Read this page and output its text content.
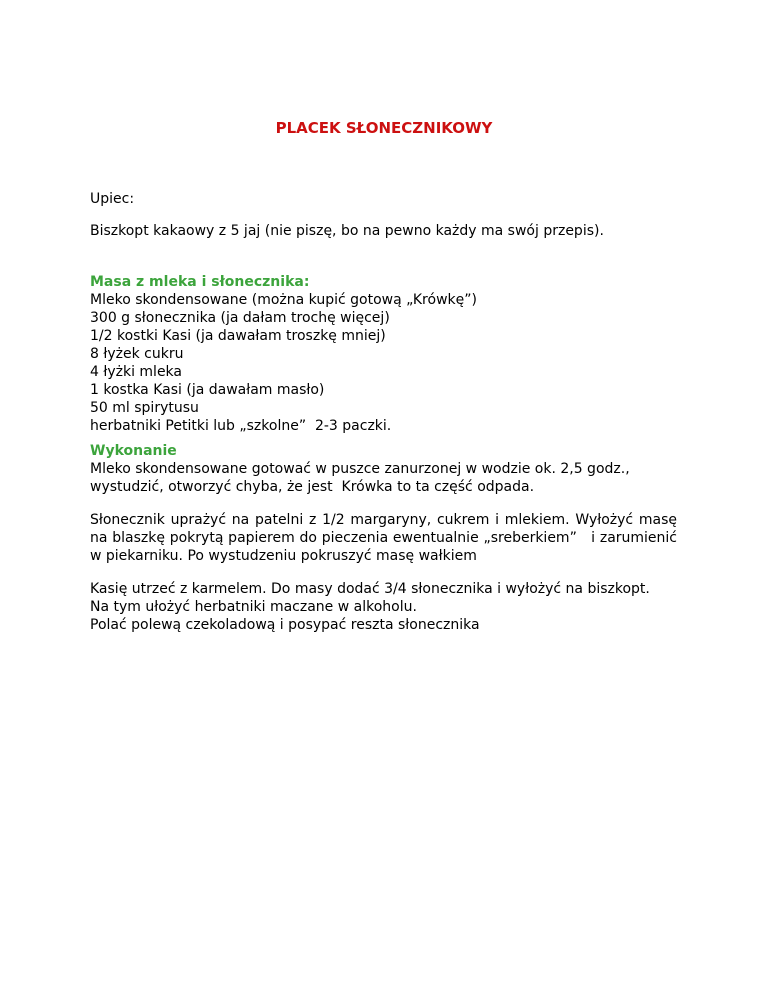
PLACEK SŁONECZNIKOWY

Upiec:

Biszkopt kakaowy z 5 jaj (nie piszę, bo na pewno każdy ma swój przepis).

Masa z mleka i słonecznika:

Mleko skondensowane (można kupić gotową „Krówkę”)

300 g słonecznika (ja dałam trochę więcej)

1/2 kostki Kasi (ja dawałam troszkę mniej)

8 łyżek cukru

4 łyżki mleka

1 kostka Kasi (ja dawałam masło)

50 ml spirytusu

herbatniki Petitki lub „szkolne”  2-3 paczki.

Wykonanie

Mleko skondensowane gotować w puszce zanurzonej w wodzie ok. 2,5 godz.,

wystudzić, otworzyć chyba, że jest  Krówka to ta część odpada.

Słonecznik uprażyć na patelni z 1/2 margaryny, cukrem i mlekiem. Wyłożyć masę na blaszkę pokrytą papierem do pieczenia ewentualnie „sreberkiem”   i zarumienić w piekarniku. Po wystudzeniu pokruszyć masę wałkiem

Kasię utrzeć z karmelem. Do masy dodać 3/4 słonecznika i wyłożyć na biszkopt.

Na tym ułożyć herbatniki maczane w alkoholu.

Polać polewą czekoladową i posypać reszta słonecznika
